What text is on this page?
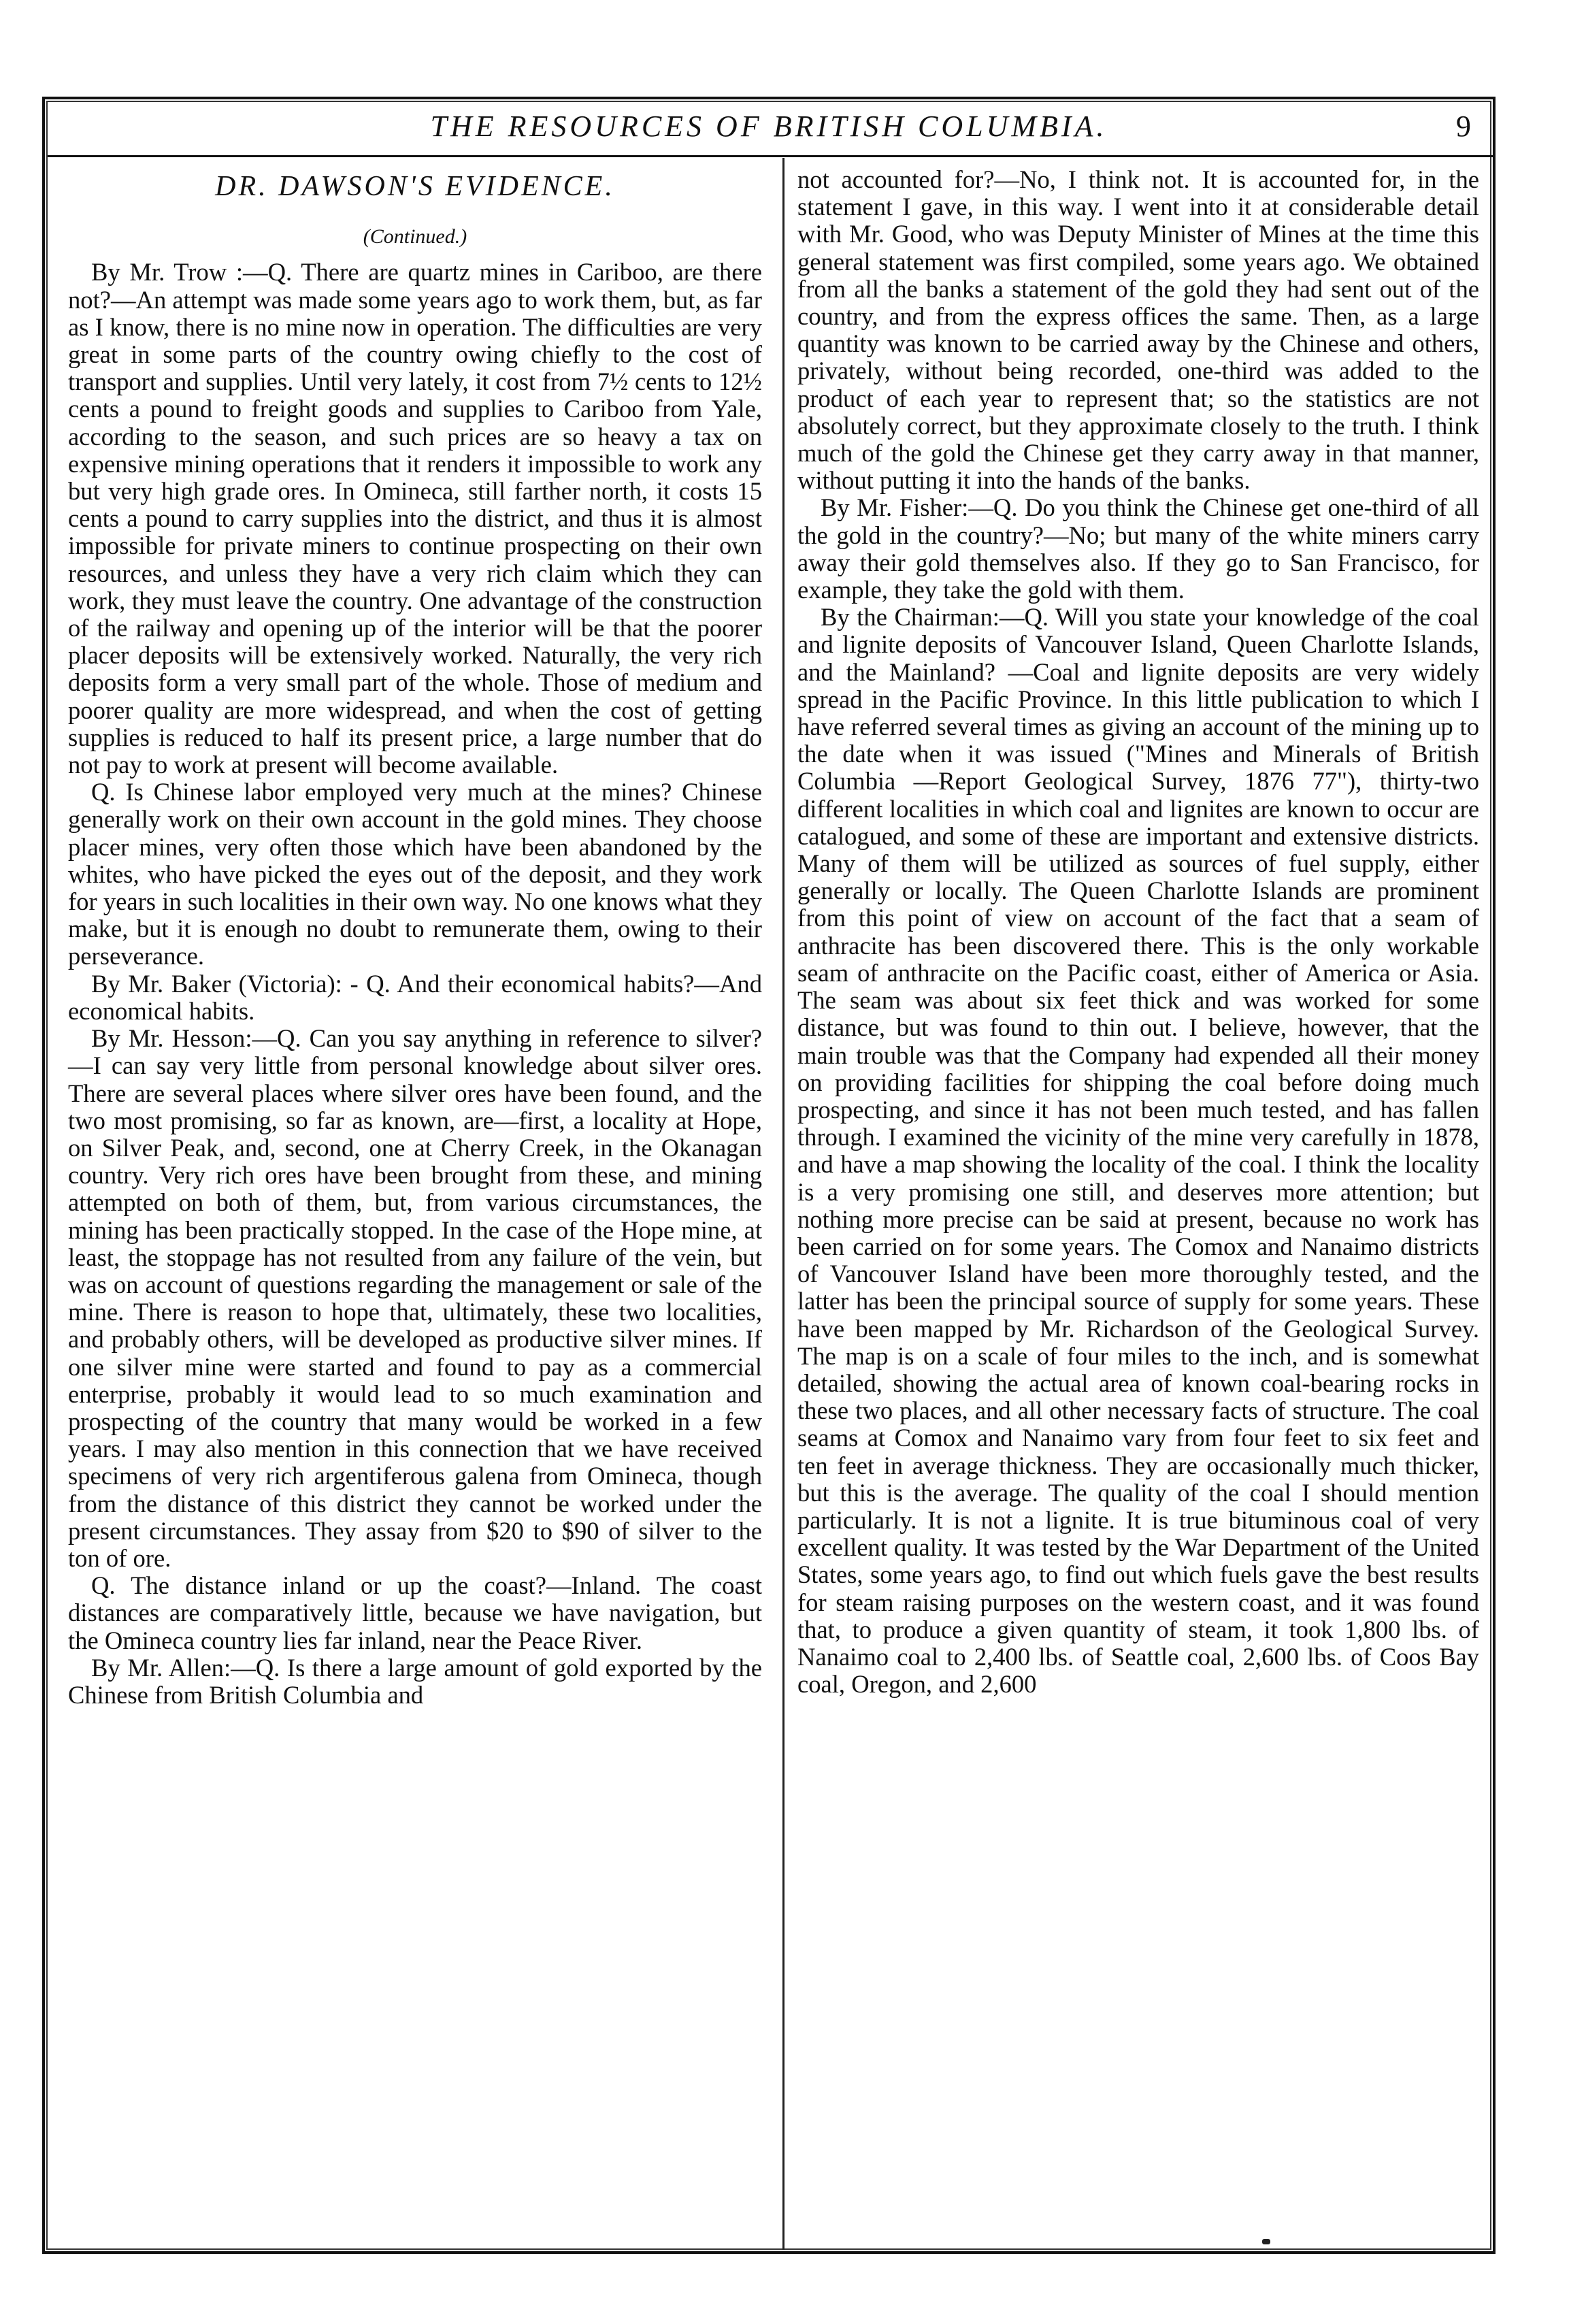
THE RESOURCES OF BRITISH COLUMBIA.	9
DR. DAWSON'S EVIDENCE.
(Continued.)

By Mr. Trow :—Q. There are quartz mines in Cariboo, are there not?—An attempt was made some years ago to work them, but, as far as I know, there is no mine now in operation. The difficulties are very great in some parts of the country owing chiefly to the cost of transport and supplies. Until very lately, it cost from 7½ cents to 12½ cents a pound to freight goods and supplies to Cariboo from Yale, according to the season, and such prices are so heavy a tax on expensive mining operations that it renders it impossible to work any but very high grade ores. In Omineca, still farther north, it costs 15 cents a pound to carry supplies into the district, and thus it is almost impossible for private miners to continue prospecting on their own resources, and unless they have a very rich claim which they can work, they must leave the country. One advantage of the construction of the railway and opening up of the interior will be that the poorer placer deposits will be extensively worked. Naturally, the very rich deposits form a very small part of the whole. Those of medium and poorer quality are more widespread, and when the cost of getting supplies is reduced to half its present price, a large number that do not pay to work at present will become available.

Q. Is Chinese labor employed very much at the mines? Chinese generally work on their own account in the gold mines. They choose placer mines, very often those which have been abandoned by the whites, who have picked the eyes out of the deposit, and they work for years in such localities in their own way. No one knows what they make, but it is enough no doubt to remunerate them, owing to their perseverance.

By Mr. Baker (Victoria): - Q. And their economical habits?—And economical habits.

By Mr. Hesson:—Q. Can you say anything in reference to silver?—I can say very little from personal knowledge about silver ores. There are several places where silver ores have been found, and the two most promising, so far as known, are—first, a locality at Hope, on Silver Peak, and, second, one at Cherry Creek, in the Okanagan country. Very rich ores have been brought from these, and mining attempted on both of them, but, from various circumstances, the mining has been practically stopped. In the case of the Hope mine, at least, the stoppage has not resulted from any failure of the vein, but was on account of questions regarding the management or sale of the mine. There is reason to hope that, ultimately, these two localities, and probably others, will be developed as productive silver mines. If one silver mine were started and found to pay as a commercial enterprise, probably it would lead to so much examination and prospecting of the country that many would be worked in a few years. I may also mention in this connection that we have received specimens of very rich argentiferous galena from Omineca, though from the distance of this district they cannot be worked under the present circumstances. They assay from $20 to $90 of silver to the ton of ore.

Q. The distance inland or up the coast?—Inland. The coast distances are comparatively little, because we have navigation, but the Omineca country lies far inland, near the Peace River.

By Mr. Allen:—Q. Is there a large amount of gold exported by the Chinese from British Columbia and

not accounted for?—No, I think not. It is accounted for, in the statement I gave, in this way. I went into it at considerable detail with Mr. Good, who was Deputy Minister of Mines at the time this general statement was first compiled, some years ago. We obtained from all the banks a statement of the gold they had sent out of the country, and from the express offices the same. Then, as a large quantity was known to be carried away by the Chinese and others, privately, without being recorded, one-third was added to the product of each year to represent that; so the statistics are not absolutely correct, but they approximate closely to the truth. I think much of the gold the Chinese get they carry away in that manner, without putting it into the hands of the banks.

By Mr. Fisher:—Q. Do you think the Chinese get one-third of all the gold in the country?—No; but many of the white miners carry away their gold themselves also. If they go to San Francisco, for example, they take the gold with them.

By the Chairman:—Q. Will you state your knowledge of the coal and lignite deposits of Vancouver Island, Queen Charlotte Islands, and the Mainland? —Coal and lignite deposits are very widely spread in the Pacific Province. In this little publication to which I have referred several times as giving an account of the mining up to the date when it was issued ("Mines and Minerals of British Columbia —Report Geological Survey, 1876 77"), thirty-two different localities in which coal and lignites are known to occur are catalogued, and some of these are important and extensive districts. Many of them will be utilized as sources of fuel supply, either generally or locally. The Queen Charlotte Islands are prominent from this point of view on account of the fact that a seam of anthracite has been discovered there. This is the only workable seam of anthracite on the Pacific coast, either of America or Asia. The seam was about six feet thick and was worked for some distance, but was found to thin out. I believe, however, that the main trouble was that the Company had expended all their money on providing facilities for shipping the coal before doing much prospecting, and since it has not been much tested, and has fallen through. I examined the vicinity of the mine very carefully in 1878, and have a map showing the locality of the coal. I think the locality is a very promising one still, and deserves more attention; but nothing more precise can be said at present, because no work has been carried on for some years. The Comox and Nanaimo districts of Vancouver Island have been more thoroughly tested, and the latter has been the principal source of supply for some years. These have been mapped by Mr. Richardson of the Geological Survey. The map is on a scale of four miles to the inch, and is somewhat detailed, showing the actual area of known coal-bearing rocks in these two places, and all other necessary facts of structure. The coal seams at Comox and Nanaimo vary from four feet to six feet and ten feet in average thickness. They are occasionally much thicker, but this is the average. The quality of the coal I should mention particularly. It is not a lignite. It is true bituminous coal of very excellent quality. It was tested by the War Department of the United States, some years ago, to find out which fuels gave the best results for steam raising purposes on the western coast, and it was found that, to produce a given quantity of steam, it took 1,800 lbs. of Nanaimo coal to 2,400 lbs. of Seattle coal, 2,600 lbs. of Coos Bay coal, Oregon, and 2,600
